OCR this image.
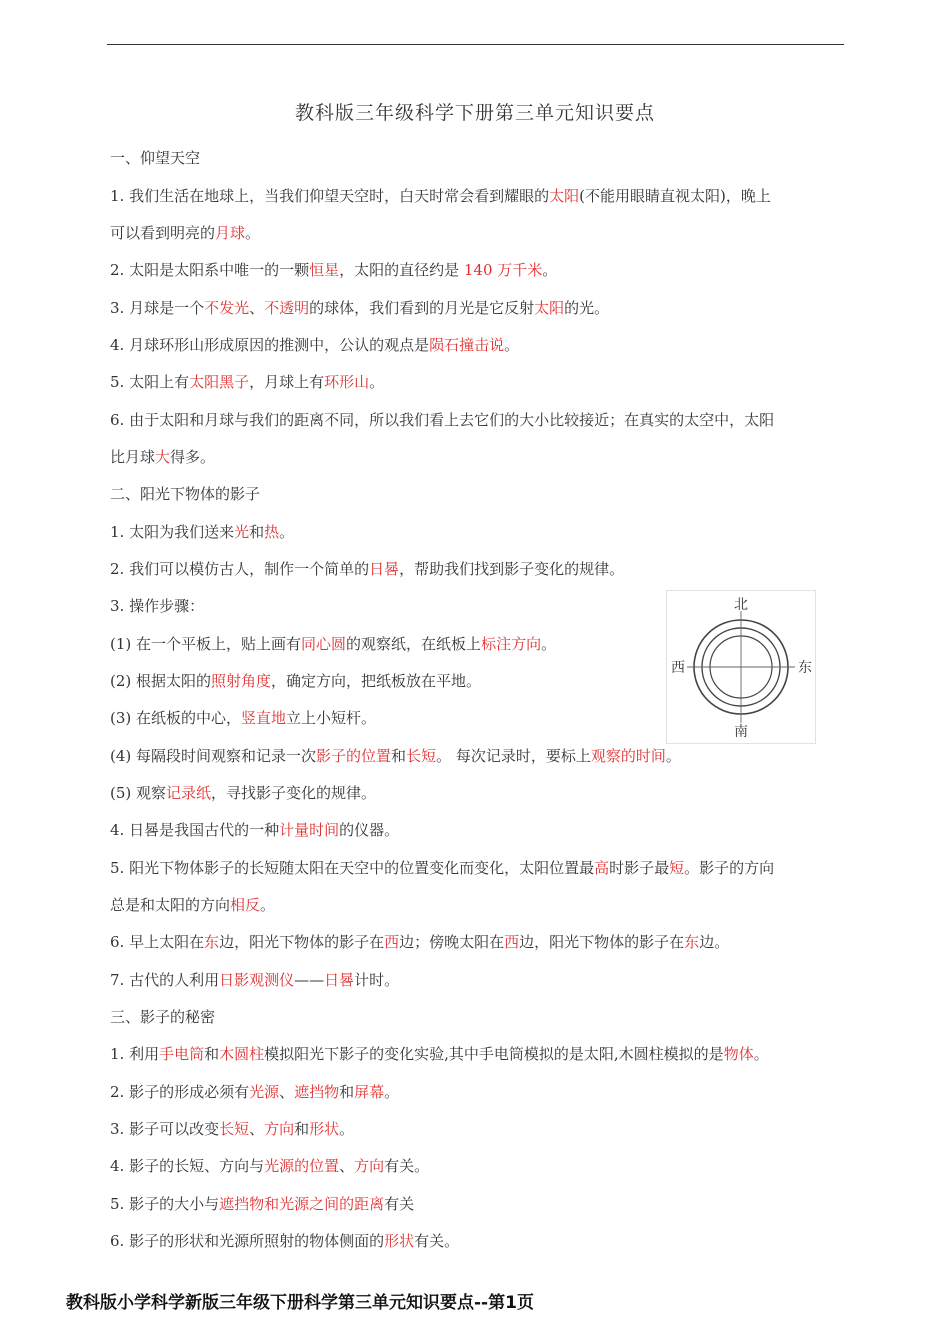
教科版三年级科学下册第三单元知识要点
一、仰望天空
1. 我们生活在地球上，当我们仰望天空时，白天时常会看到耀眼的太阳(不能用眼睛直视太阳)，晚上
可以看到明亮的月球。
2. 太阳是太阳系中唯一的一颗恒星，太阳的直径约是 140 万千米。
3. 月球是一个不发光、不透明的球体，我们看到的月光是它反射太阳的光。
4. 月球环形山形成原因的推测中，公认的观点是陨石撞击说。
5. 太阳上有太阳黑子，月球上有环形山。
6. 由于太阳和月球与我们的距离不同，所以我们看上去它们的大小比较接近；在真实的太空中，太阳
比月球大得多。
二、阳光下物体的影子
1. 太阳为我们送来光和热。
2. 我们可以模仿古人，制作一个简单的日晷，帮助我们找到影子变化的规律。
3. 操作步骤：
(1) 在一个平板上，贴上画有同心圆的观察纸，在纸板上标注方向。
(2) 根据太阳的照射角度，确定方向，把纸板放在平地。
(3) 在纸板的中心，竖直地立上小短杆。
(4) 每隔段时间观察和记录一次影子的位置和长短。 每次记录时，要标上观察的时间。
(5) 观察记录纸，寻找影子变化的规律。
4. 日晷是我国古代的一种计量时间的仪器。
5. 阳光下物体影子的长短随太阳在天空中的位置变化而变化，太阳位置最高时影子最短。影子的方向
总是和太阳的方向相反。
6. 早上太阳在东边，阳光下物体的影子在西边；傍晚太阳在西边，阳光下物体的影子在东边。
7. 古代的人利用日影观测仪——日晷计时。
三、影子的秘密
1. 利用手电筒和木圆柱模拟阳光下影子的变化实验,其中手电筒模拟的是太阳,木圆柱模拟的是物体。
2. 影子的形成必须有光源、遮挡物和屏幕。
3. 影子可以改变长短、方向和形状。
4. 影子的长短、方向与光源的位置、方向有关。
5. 影子的大小与遮挡物和光源之间的距离有关
6. 影子的形状和光源所照射的物体侧面的形状有关。
北
南
西	东
教科版小学科学新版三年级下册科学第三单元知识要点--第1页
